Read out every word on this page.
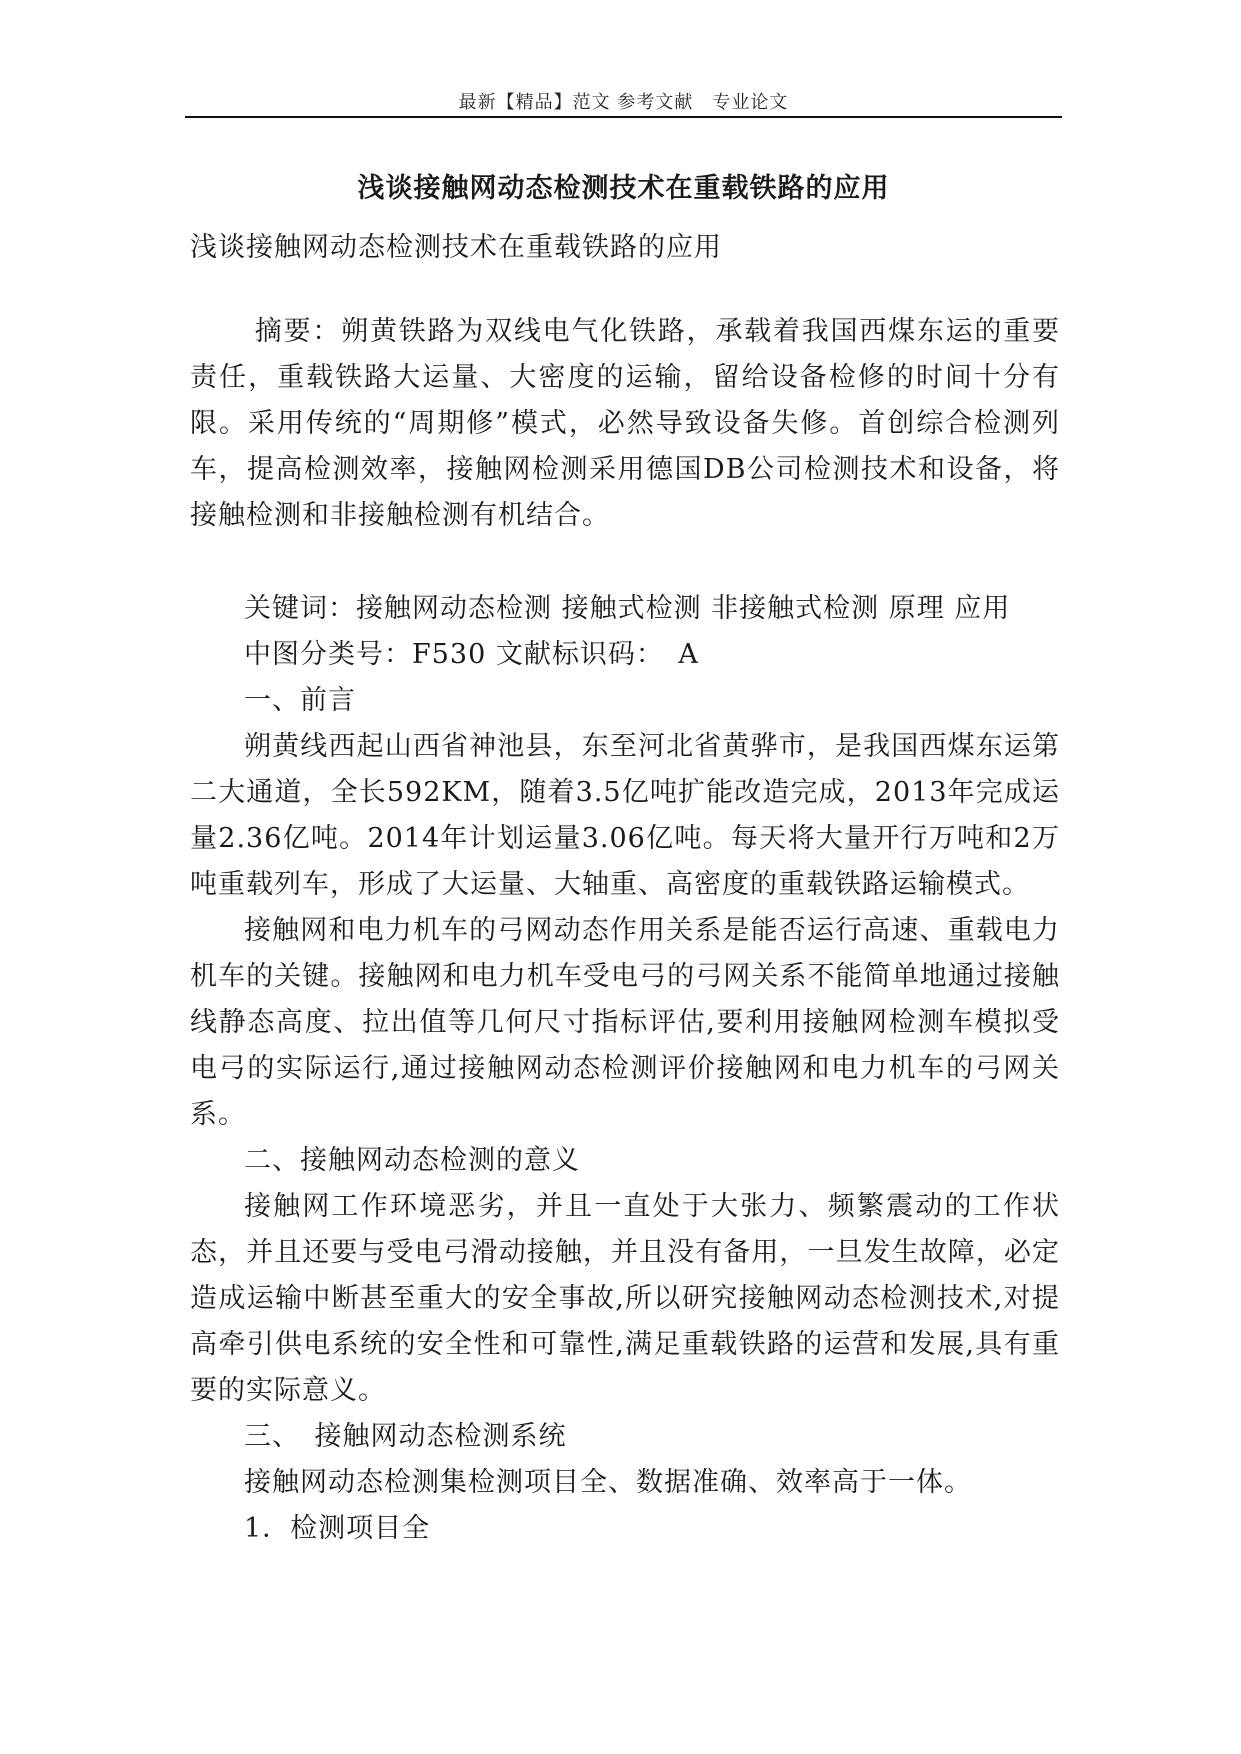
最新【精品】范文 参考文献　专业论文
浅谈接触网动态检测技术在重载铁路的应用
浅谈接触网动态检测技术在重载铁路的应用

摘要：朔黄铁路为双线电气化铁路，承载着我国西煤东运的重要责任，重载铁路大运量、大密度的运输，留给设备检修的时间十分有限。采用传统的“周期修”模式，必然导致设备失修。首创综合检测列车，提高检测效率，接触网检测采用德国DB公司检测技术和设备，将接触检测和非接触检测有机结合。

关键词：接触网动态检测 接触式检测 非接触式检测 原理 应用

中图分类号：F530 文献标识码：　A

一、前言

朔黄线西起山西省神池县，东至河北省黄骅市，是我国西煤东运第二大通道，全长592KM，随着3.5亿吨扩能改造完成，2013年完成运量2.36亿吨。2014年计划运量3.06亿吨。每天将大量开行万吨和2万吨重载列车，形成了大运量、大轴重、高密度的重载铁路运输模式。

接触网和电力机车的弓网动态作用关系是能否运行高速、重载电力机车的关键。接触网和电力机车受电弓的弓网关系不能简单地通过接触线静态高度、拉出值等几何尺寸指标评估,要利用接触网检测车模拟受电弓的实际运行,通过接触网动态检测评价接触网和电力机车的弓网关系。

二、接触网动态检测的意义

接触网工作环境恶劣，并且一直处于大张力、频繁震动的工作状态，并且还要与受电弓滑动接触，并且没有备用，一旦发生故障，必定造成运输中断甚至重大的安全事故,所以研究接触网动态检测技术,对提高牵引供电系统的安全性和可靠性,满足重载铁路的运营和发展,具有重要的实际意义。

三、　接触网动态检测系统

接触网动态检测集检测项目全、数据准确、效率高于一体。

1．检测项目全
